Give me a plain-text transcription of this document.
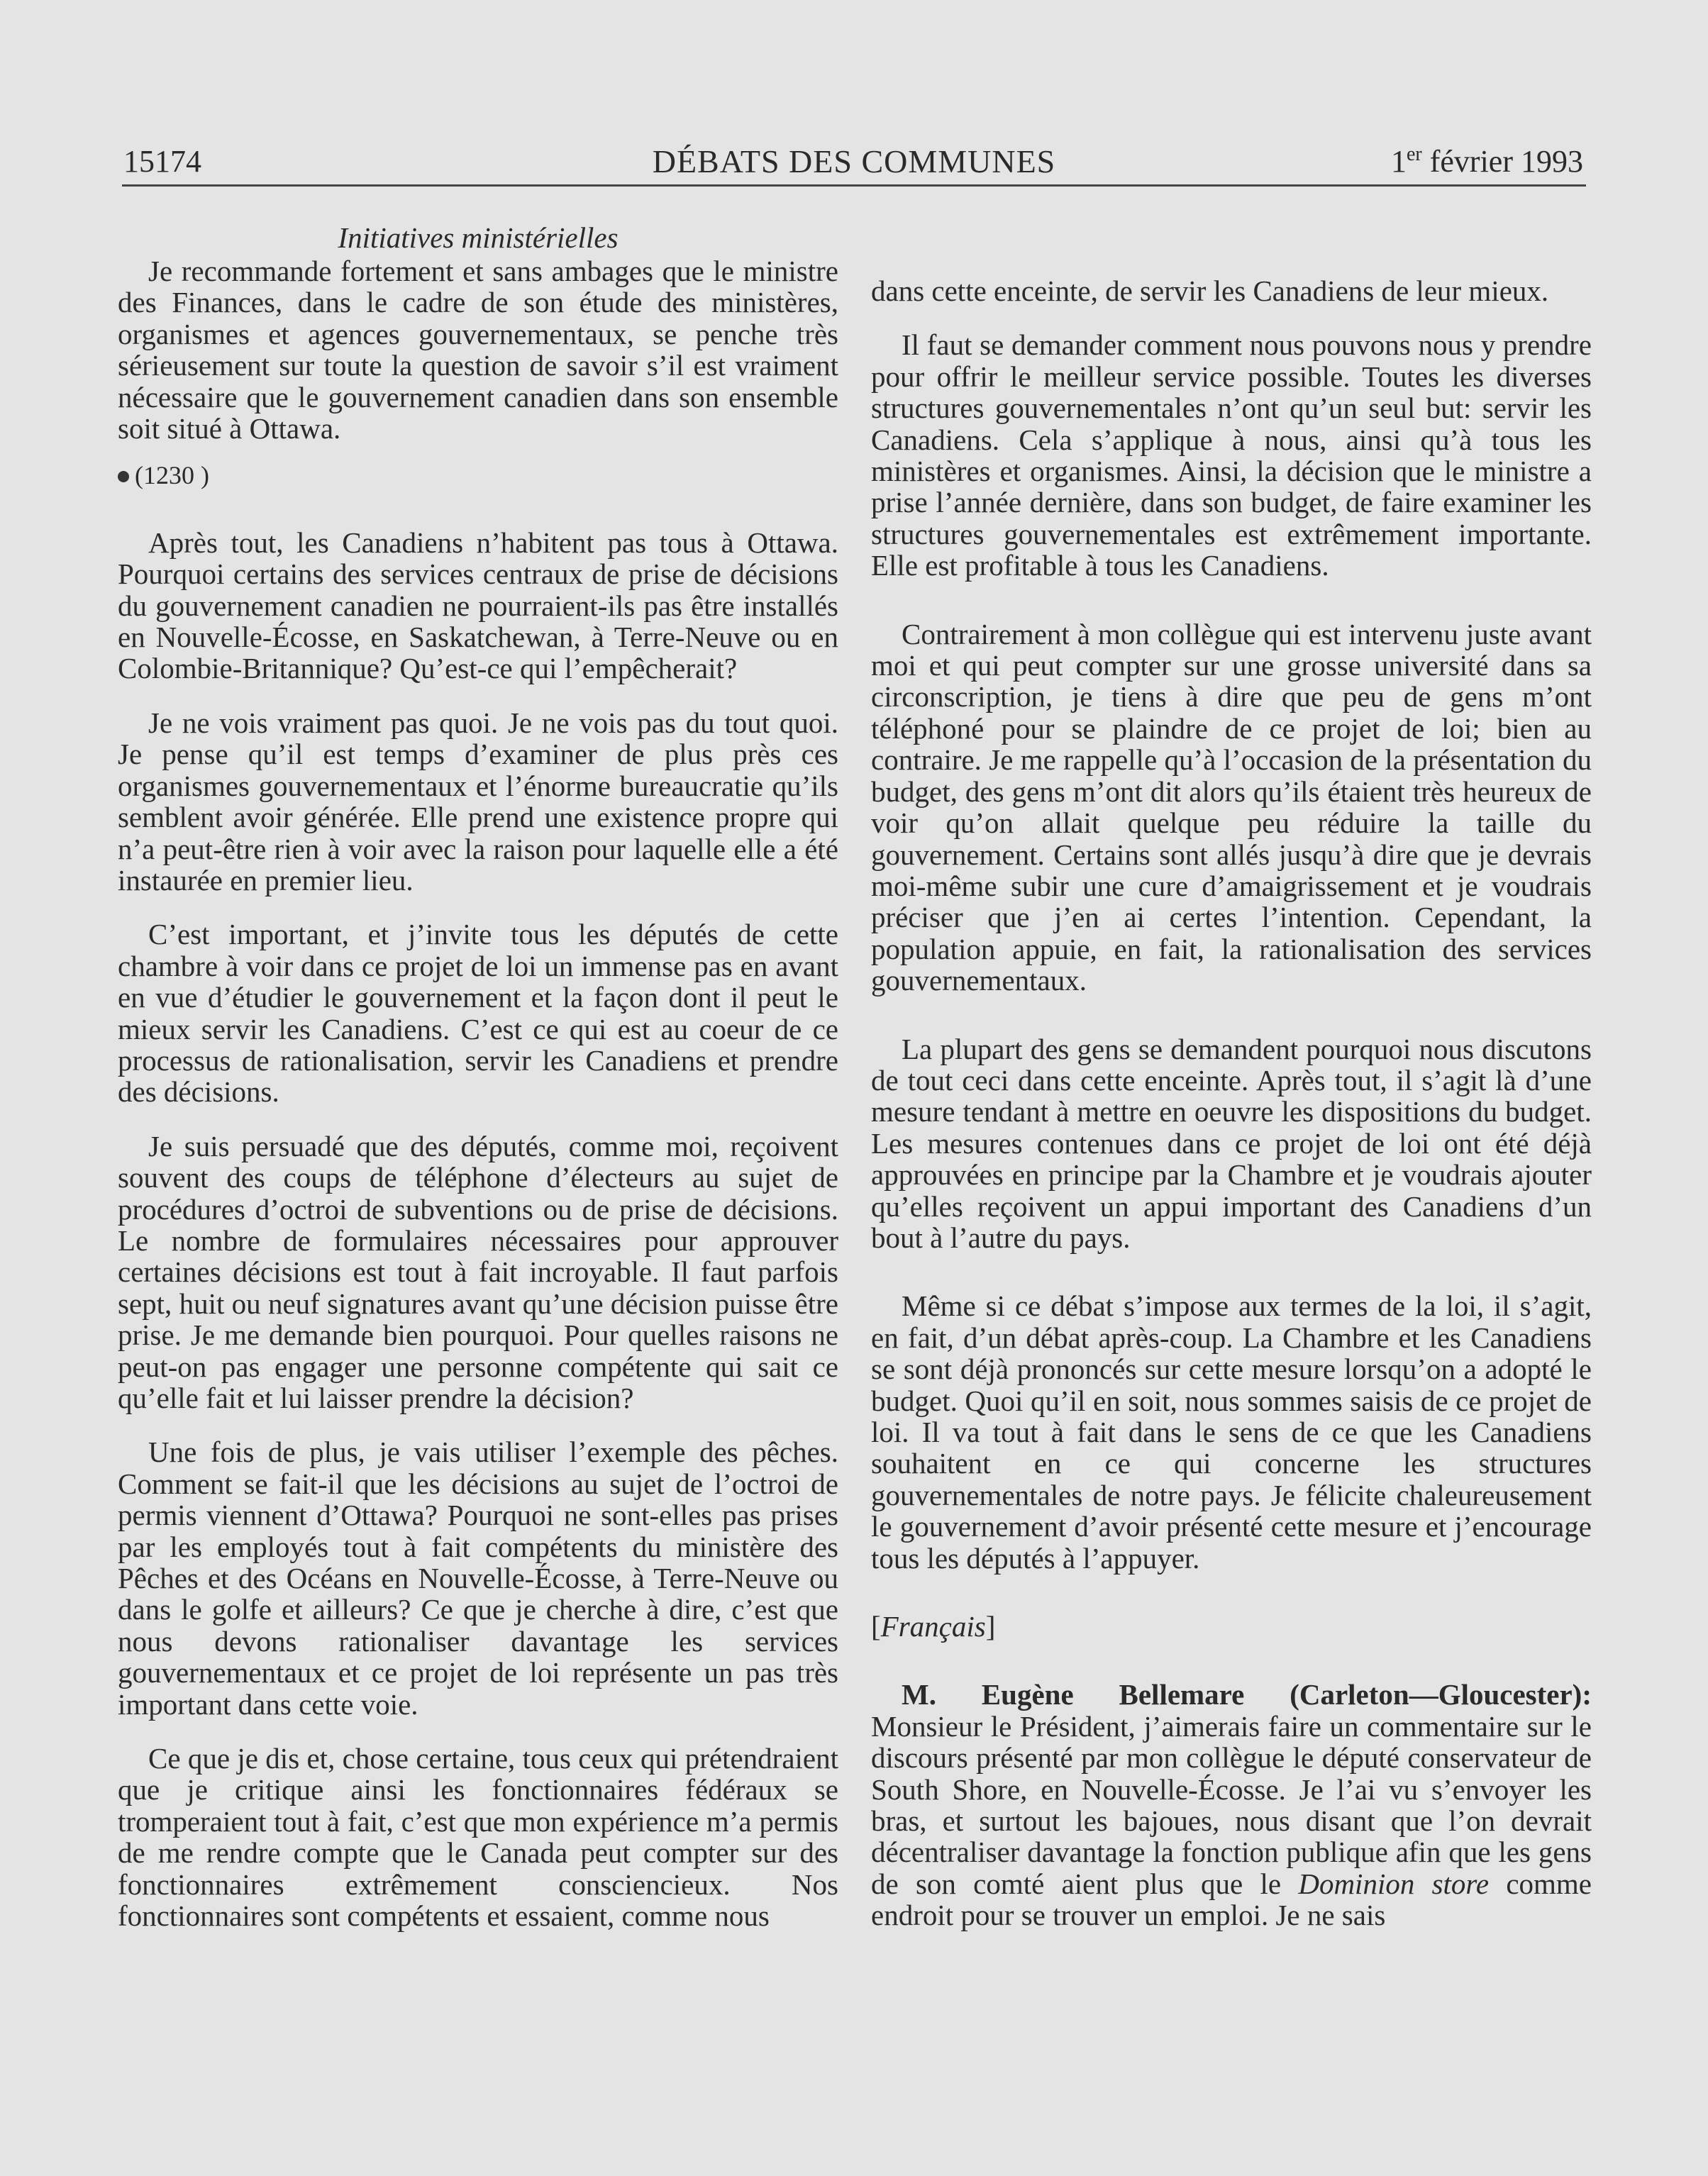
15174	DÉBATS DES COMMUNES	1er février 1993

Initiatives ministérielles

Je recommande fortement et sans ambages que le ministre des Finances, dans le cadre de son étude des ministères, organismes et agences gouvernementaux, se penche très sérieusement sur toute la question de savoir s’il est vraiment nécessaire que le gouvernement canadien dans son ensemble soit situé à Ottawa.

(1230 )

Après tout, les Canadiens n’habitent pas tous à Ottawa. Pourquoi certains des services centraux de prise de décisions du gouvernement canadien ne pourraient-ils pas être installés en Nouvelle-Écosse, en Saskatchewan, à Terre-Neuve ou en Colombie-Britannique? Qu’est-ce qui l’empêcherait?

Je ne vois vraiment pas quoi. Je ne vois pas du tout quoi. Je pense qu’il est temps d’examiner de plus près ces organismes gouvernementaux et l’énorme bureaucratie qu’ils semblent avoir générée. Elle prend une existence propre qui n’a peut-être rien à voir avec la raison pour laquelle elle a été instaurée en premier lieu.

C’est important, et j’invite tous les députés de cette chambre à voir dans ce projet de loi un immense pas en avant en vue d’étudier le gouvernement et la façon dont il peut le mieux servir les Canadiens. C’est ce qui est au coeur de ce processus de rationalisation, servir les Canadiens et prendre des décisions.

Je suis persuadé que des députés, comme moi, reçoivent souvent des coups de téléphone d’électeurs au sujet de procédures d’octroi de subventions ou de prise de décisions. Le nombre de formulaires nécessaires pour approuver certaines décisions est tout à fait incroyable. Il faut parfois sept, huit ou neuf signatures avant qu’une décision puisse être prise. Je me demande bien pourquoi. Pour quelles raisons ne peut-on pas engager une personne compétente qui sait ce qu’elle fait et lui laisser prendre la décision?

Une fois de plus, je vais utiliser l’exemple des pêches. Comment se fait-il que les décisions au sujet de l’octroi de permis viennent d’Ottawa? Pourquoi ne sont-elles pas prises par les employés tout à fait compétents du ministère des Pêches et des Océans en Nouvelle-Écosse, à Terre-Neuve ou dans le golfe et ailleurs? Ce que je cherche à dire, c’est que nous devons rationaliser davantage les services gouvernementaux et ce projet de loi représente un pas très important dans cette voie.

Ce que je dis et, chose certaine, tous ceux qui prétendraient que je critique ainsi les fonctionnaires fédéraux se tromperaient tout à fait, c’est que mon expérience m’a permis de me rendre compte que le Canada peut compter sur des fonctionnaires extrêmement consciencieux. Nos fonctionnaires sont compétents et essaient, comme nous

dans cette enceinte, de servir les Canadiens de leur mieux.

Il faut se demander comment nous pouvons nous y prendre pour offrir le meilleur service possible. Toutes les diverses structures gouvernementales n’ont qu’un seul but: servir les Canadiens. Cela s’applique à nous, ainsi qu’à tous les ministères et organismes. Ainsi, la décision que le ministre a prise l’année dernière, dans son budget, de faire examiner les structures gouvernementales est extrêmement importante. Elle est profitable à tous les Canadiens.

Contrairement à mon collègue qui est intervenu juste avant moi et qui peut compter sur une grosse université dans sa circonscription, je tiens à dire que peu de gens m’ont téléphoné pour se plaindre de ce projet de loi; bien au contraire. Je me rappelle qu’à l’occasion de la présentation du budget, des gens m’ont dit alors qu’ils étaient très heureux de voir qu’on allait quelque peu réduire la taille du gouvernement. Certains sont allés jusqu’à dire que je devrais moi-même subir une cure d’amaigrissement et je voudrais préciser que j’en ai certes l’intention. Cependant, la population appuie, en fait, la rationalisation des services gouvernementaux.

La plupart des gens se demandent pourquoi nous discutons de tout ceci dans cette enceinte. Après tout, il s’agit là d’une mesure tendant à mettre en oeuvre les dispositions du budget. Les mesures contenues dans ce projet de loi ont été déjà approuvées en principe par la Chambre et je voudrais ajouter qu’elles reçoivent un appui important des Canadiens d’un bout à l’autre du pays.

Même si ce débat s’impose aux termes de la loi, il s’agit, en fait, d’un débat après-coup. La Chambre et les Canadiens se sont déjà prononcés sur cette mesure lorsqu’on a adopté le budget. Quoi qu’il en soit, nous sommes saisis de ce projet de loi. Il va tout à fait dans le sens de ce que les Canadiens souhaitent en ce qui concerne les structures gouvernementales de notre pays. Je félicite chaleureusement le gouvernement d’avoir présenté cette mesure et j’encourage tous les députés à l’appuyer.

[Français]

M. Eugène Bellemare (Carleton—Gloucester): Monsieur le Président, j’aimerais faire un commentaire sur le discours présenté par mon collègue le député conservateur de South Shore, en Nouvelle-Écosse. Je l’ai vu s’envoyer les bras, et surtout les bajoues, nous disant que l’on devrait décentraliser davantage la fonction publique afin que les gens de son comté aient plus que le Dominion store comme endroit pour se trouver un emploi. Je ne sais
